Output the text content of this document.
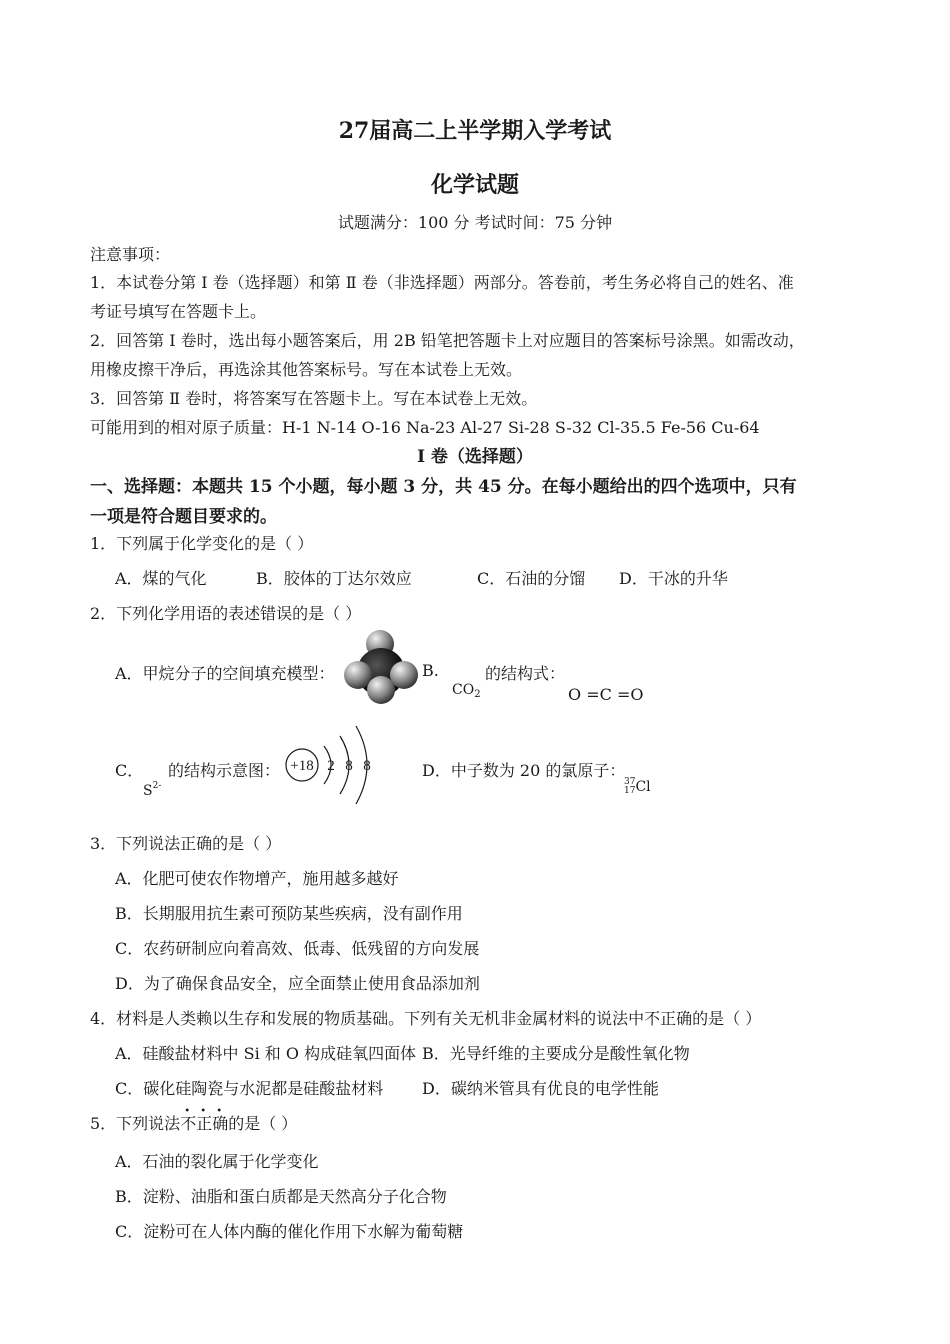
27届高二上半学期入学考试
化学试题
试题满分：100 分 考试时间：75 分钟
注意事项：
1．本试卷分第 I 卷（选择题）和第 Ⅱ 卷（非选择题）两部分。答卷前，考生务必将自己的姓名、准
考证号填写在答题卡上。
2．回答第 I 卷时，选出每小题答案后，用 2B 铅笔把答题卡上对应题目的答案标号涂黑。如需改动，
用橡皮擦干净后，再选涂其他答案标号。写在本试卷上无效。
3．回答第 Ⅱ 卷时，将答案写在答题卡上。写在本试卷上无效。
可能用到的相对原子质量：H-1 N-14 O-16 Na-23 Al-27 Si-28 S-32 Cl-35.5 Fe-56 Cu-64
I 卷（选择题）
一、选择题：本题共 15 个小题，每小题 3 分，共 45 分。在每小题给出的四个选项中，只有
一项是符合题目要求的。
1．下列属于化学变化的是（ ）
A．煤的气化	B．胶体的丁达尔效应	C．石油的分馏 D．干冰的升华
2．下列化学用语的表述错误的是（ ）
A．甲烷分子的空间填充模型：	B.
$CO_2$
的结构式：
O =C =O
C．
$S^{2-}$
的结构示意图： +18 2 8 8	D．中子数为 20 的氯原子：
37
17Cl
3．下列说法正确的是（ ）
A．化肥可使农作物增产，施用越多越好
B．长期服用抗生素可预防某些疾病，没有副作用
C．农药研制应向着高效、低毒、低残留的方向发展
D．为了确保食品安全，应全面禁止使用食品添加剂
4．材料是人类赖以生存和发展的物质基础。下列有关无机非金属材料的说法中不正确的是（ ）
A．硅酸盐材料中 Si 和 O 构成硅氧四面体 B．光导纤维的主要成分是酸性氧化物
C．碳化硅陶瓷与水泥都是硅酸盐材料 D．碳纳米管具有优良的电学性能
5．下列说法
• • •
不正确的是（ ）
A．石油的裂化属于化学变化
B．淀粉、油脂和蛋白质都是天然高分子化合物
C．淀粉可在人体内酶的催化作用下水解为葡萄糖
